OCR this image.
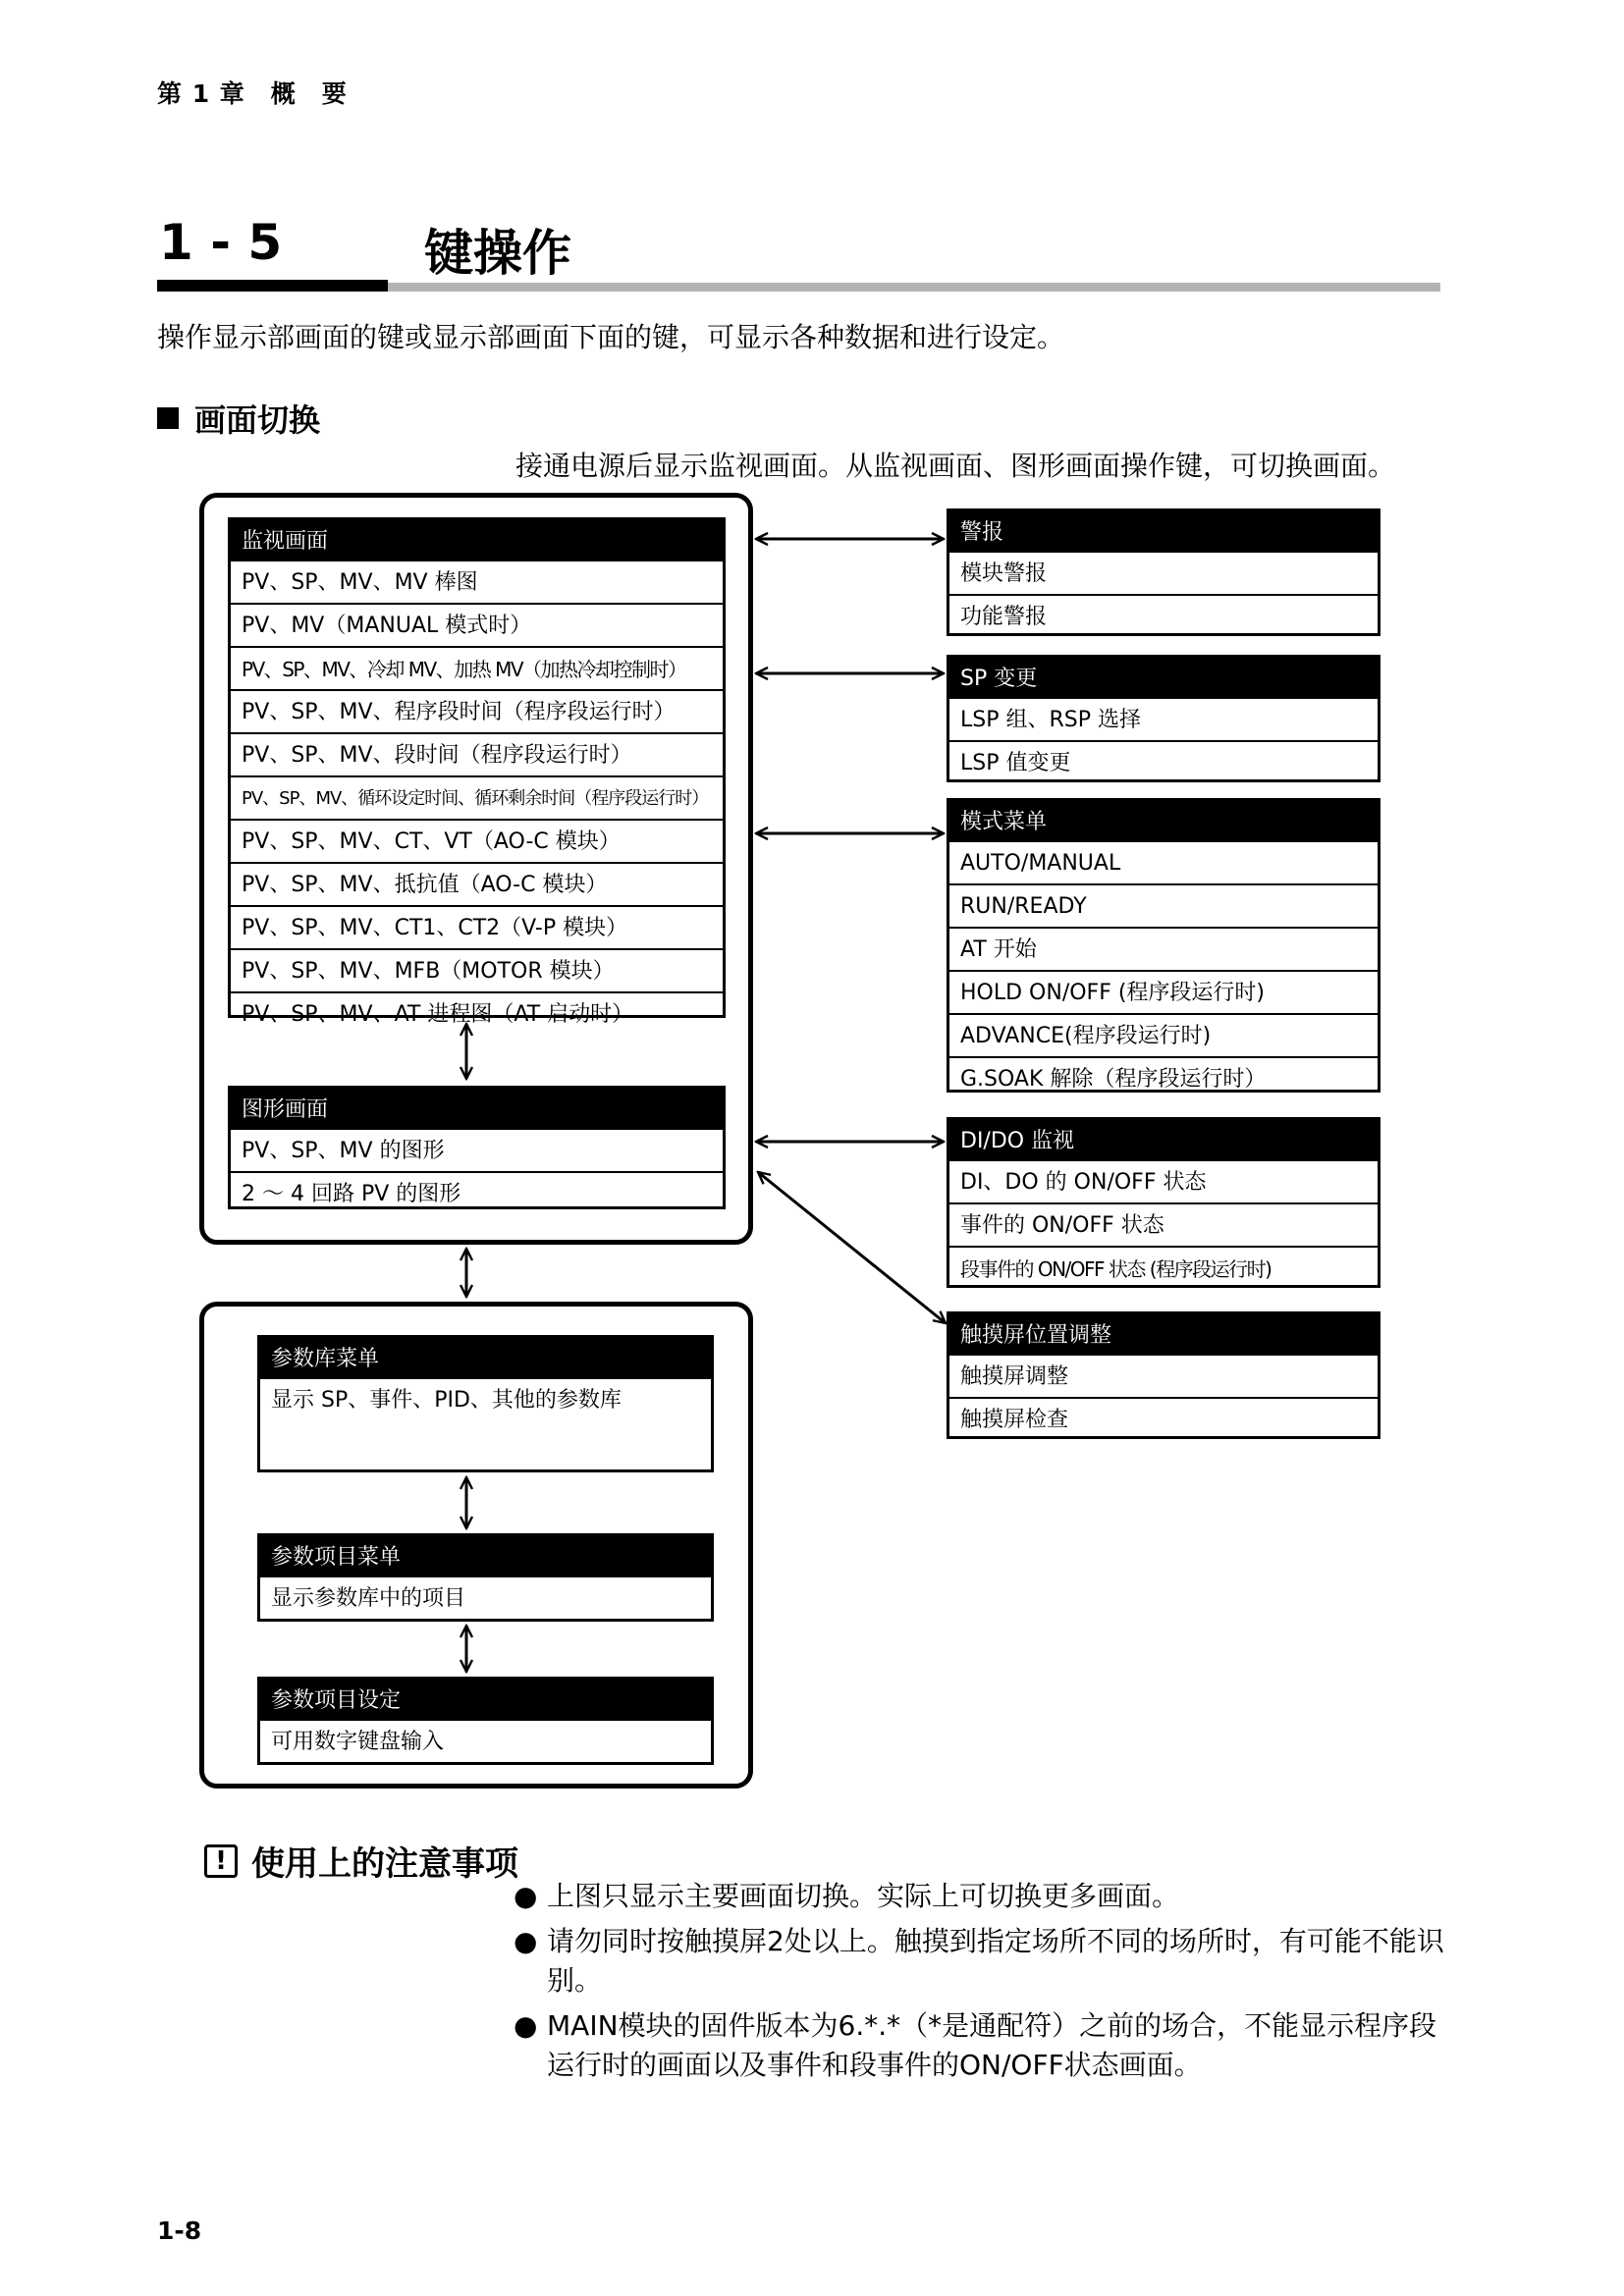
第 1 章　概　要
1 - 5	键操作
操作显示部画面的键或显示部画面下面的键，可显示各种数据和进行设定。
画面切换
接通电源后显示监视画面。从监视画面、图形画面操作键，可切换画面。
监视画面
PV、SP、MV、MV 棒图
PV、MV（MANUAL 模式时）
PV、SP、MV、冷却 MV、加热 MV（加热冷却控制时）
PV、SP、MV、程序段时间（程序段运行时）
PV、SP、MV、段时间（程序段运行时）
PV、SP、MV、循环设定时间、循环剩余时间（程序段运行时）
PV、SP、MV、CT、VT（AO-C 模块）
PV、SP、MV、抵抗值（AO-C 模块）
PV、SP、MV、CT1、CT2（V-P 模块）
PV、SP、MV、MFB（MOTOR 模块）
PV、SP、MV、AT 进程图（AT 启动时）
图形画面
PV、SP、MV 的图形
2 ～ 4 回路 PV 的图形
参数库菜单
显示 SP、事件、PID、其他的参数库
参数项目菜单
显示参数库中的项目
参数项目设定
可用数字键盘输入
警报
模块警报
功能警报
SP 变更
LSP 组、RSP 选择
LSP 值变更
模式菜单
AUTO/MANUAL
RUN/READY
AT 开始
HOLD ON/OFF (程序段运行时)
ADVANCE(程序段运行时)
G.SOAK 解除（程序段运行时）
DI/DO 监视
DI、DO 的 ON/OFF 状态
事件的 ON/OFF 状态
段事件的 ON/OFF 状态 (程序段运行时)
触摸屏位置调整
触摸屏调整
触摸屏检查
! 使用上的注意事项
● 上图只显示主要画面切换。实际上可切换更多画面。
● 请勿同时按触摸屏2处以上。触摸到指定场所不同的场所时，有可能不能识别。
● MAIN模块的固件版本为6.*.*（*是通配符）之前的场合，不能显示程序段运行时的画面以及事件和段事件的ON/OFF状态画面。
1-8
